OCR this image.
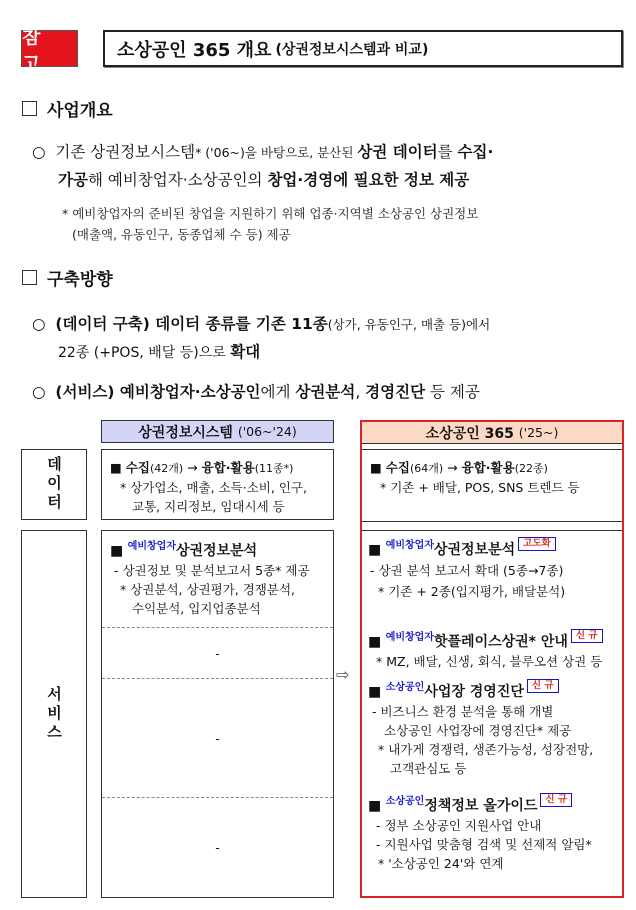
참 고
소상공인 365 개요 (상권정보시스템과 비교)
사업개요
○  기존 상권정보시스템* ('06~)을 바탕으로, 분산된 상권 데이터를 수집·
가공해 예비창업자·소상공인의 창업·경영에 필요한 정보 제공
* 예비창업자의 준비된 창업을 지원하기 위해 업종·지역별 소상공인 상권정보
(매출액, 유동인구, 동종업체 수 등) 제공
구축방향
○  (데이터 구축) 데이터 종류를 기존 11종(상가, 유동인구, 매출 등)에서
22종 (+POS, 배달 등)으로 확대
○  (서비스) 예비창업자·소상공인에게 상권분석, 경영진단 등 제공
상권정보시스템
('06~'24)	소상공인 365
('25~)
데이터	■ 수집(42개) → 융합·활용(11종*)
* 상가업소, 매출, 소득·소비, 인구,
교통, 지리정보, 임대시세 등
■ 수집(64개) → 융합·활용(22종)
* 기존 + 배달, POS, SNS 트렌드 등
서비스
■ $^{예비창업자}$상권정보분석
- 상권정보 및 분석보고서 5종* 제공
* 상권분석, 상권평가, 경쟁분석,
수익분석, 입지업종분석
-
-
-
⇨
■ $^{예비창업자}$상권정보분석 고도화
- 상권 분석 보고서 확대 (5종→7종)
* 기존 + 2종(입지평가, 배달분석)
■ $^{예비창업자}$핫플레이스상권* 안내 신 규
* MZ, 배달, 신생, 회식, 블루오션 상권 등
■ $^{소상공인}$사업장 경영진단 신 규
- 비즈니스 환경 분석을 통해 개별
소상공인 사업장에 경영진단* 제공
* 내가게 경쟁력, 생존가능성, 성장전망,
고객관심도 등
■ $^{소상공인}$정책정보 올가이드 신 규
- 정부 소상공인 지원사업 안내
- 지원사업 맞춤형 검색 및 선제적 알림*
* '소상공인 24'와 연계
